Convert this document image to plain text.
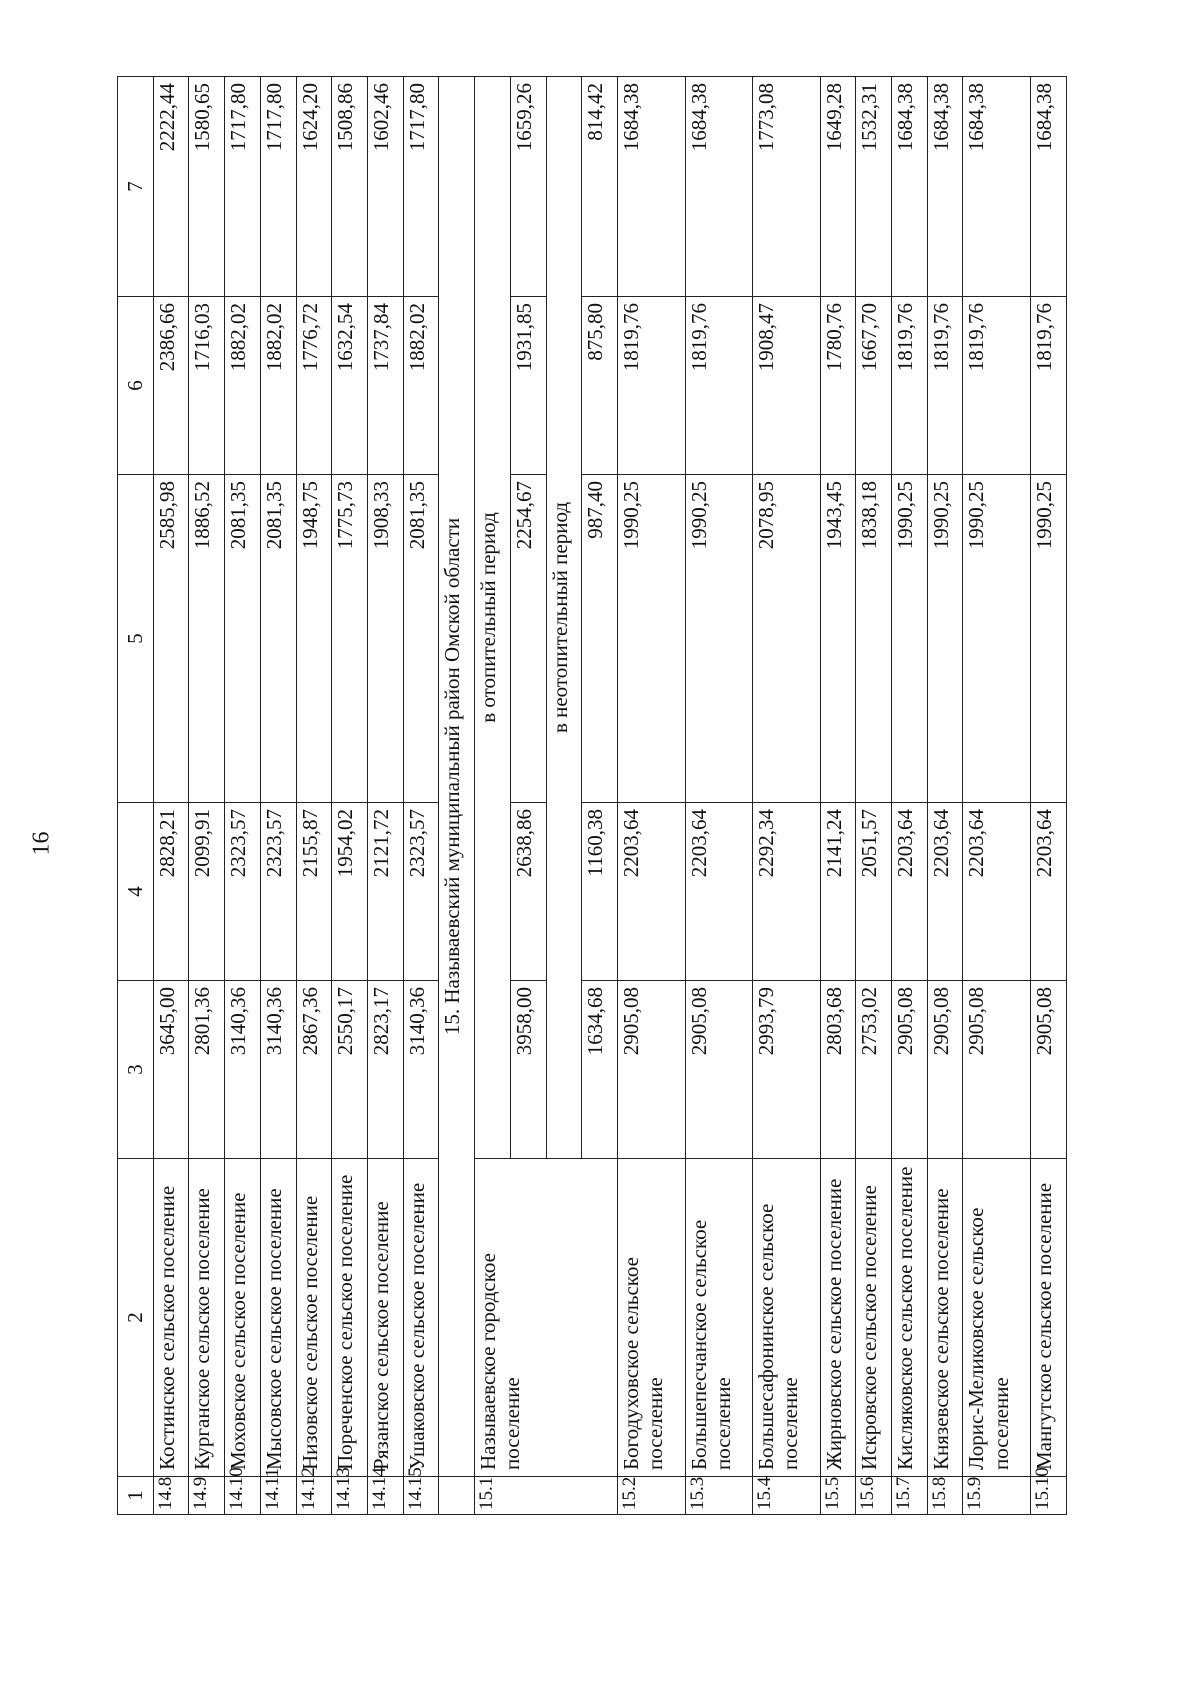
16
1	2	3	4	5	6	7
14.8	Костинское сельское поселение	3645,00	2828,21	2585,98	2386,66	2222,44
14.9	Курганское сельское поселение	2801,36	2099,91	1886,52	1716,03	1580,65
14.10	Моховское сельское поселение	3140,36	2323,57	2081,35	1882,02	1717,80
14.11	Мысовское сельское поселение	3140,36	2323,57	2081,35	1882,02	1717,80
14.12	Низовское сельское поселение	2867,36	2155,87	1948,75	1776,72	1624,20
14.13	Пореченское сельское поселение	2550,17	1954,02	1775,73	1632,54	1508,86
14.14	Рязанское сельское поселение	2823,17	2121,72	1908,33	1737,84	1602,46
14.15	Ушаковское сельское поселение	3140,36	2323,57	2081,35	1882,02	1717,80
	15. Называевский муниципальный район Омской области					
15.1	Называевское городское поселение	в отопительный период				
		3958,00	2638,86	2254,67	1931,85	1659,26
		в неотопительный период				
		1634,68	1160,38	987,40	875,80	814,42
15.2	Богодуховское сельское поселение	2905,08	2203,64	1990,25	1819,76	1684,38
15.3	Большепесчанское сельское поселение	2905,08	2203,64	1990,25	1819,76	1684,38
15.4	Большесафонинское сельское поселение	2993,79	2292,34	2078,95	1908,47	1773,08
15.5	Жирновское сельское поселение	2803,68	2141,24	1943,45	1780,76	1649,28
15.6	Искровское сельское поселение	2753,02	2051,57	1838,18	1667,70	1532,31
15.7	Кисляковское сельское поселение	2905,08	2203,64	1990,25	1819,76	1684,38
15.8	Князевское сельское поселение	2905,08	2203,64	1990,25	1819,76	1684,38
15.9	Лорис-Меликовское сельское поселение	2905,08	2203,64	1990,25	1819,76	1684,38
15.10	Мангутское сельское поселение	2905,08	2203,64	1990,25	1819,76	1684,38
